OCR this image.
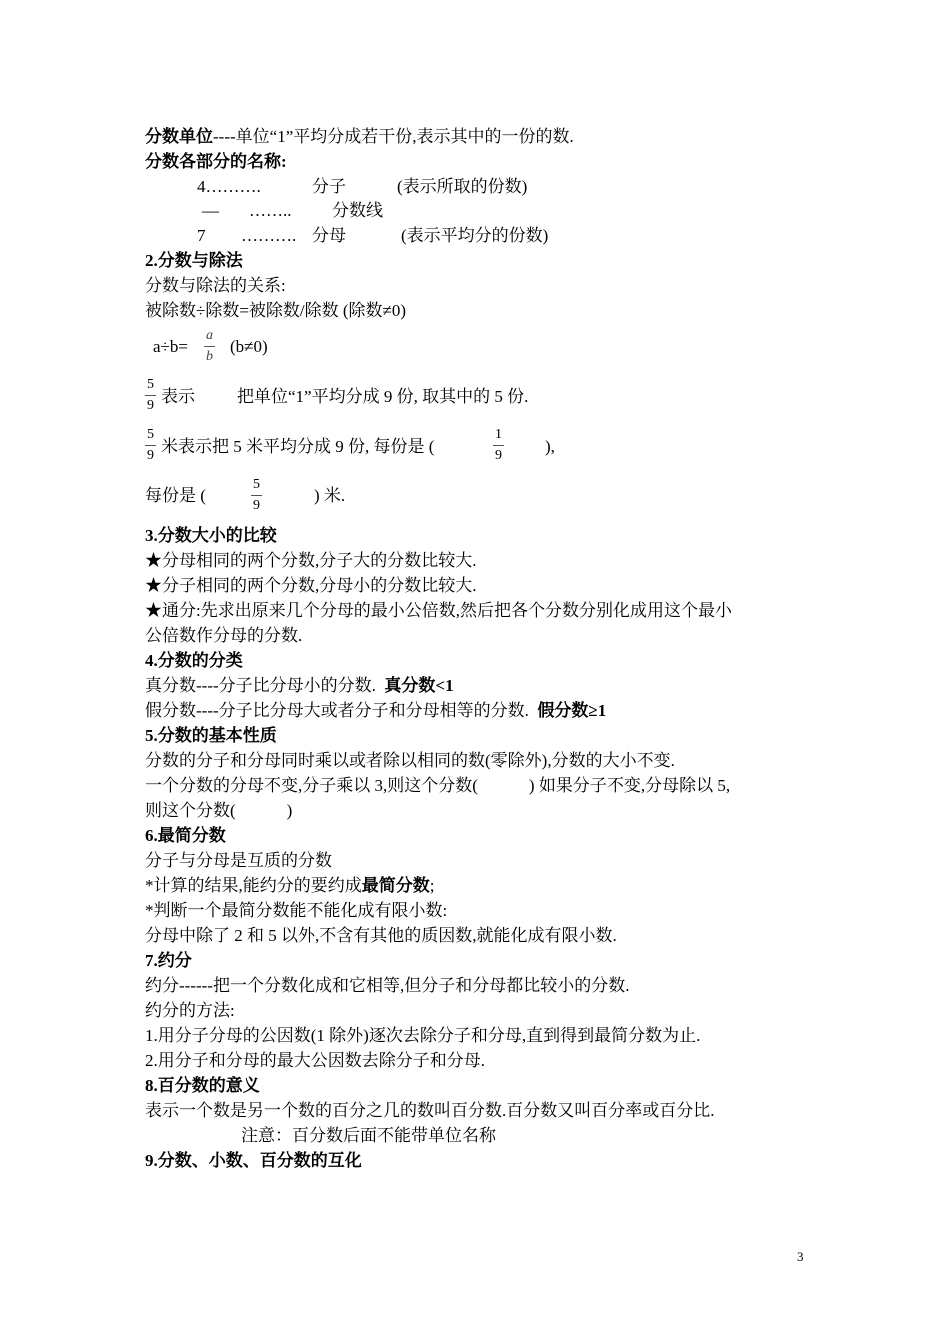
分数单位----单位“1”平均分成若干份,表示其中的一份的数.
分数各部分的名称:
4……….	分子	(表示所取的份数)
— …….. 分数线
7 ………. 分母	(表示平均分的份数)
2.分数与除法
分数与除法的关系:
被除数÷除数=被除数/除数 (除数≠0)
a÷b=
a
b
(b≠0)
5
9 表示 把单位“1”平均分成 9 份, 取其中的 5 份.
5
9 米表示把 5 米平均分成 9 份, 每份是 (
1
9	),
每份是 (
5
9
) 米.
3.分数大小的比较
★分母相同的两个分数,分子大的分数比较大.
★分子相同的两个分数,分母小的分数比较大.
★通分:先求出原来几个分母的最小公倍数,然后把各个分数分别化成用这个最小
公倍数作分母的分数.
4.分数的分类
真分数----分子比分母小的分数. 真分数<1
假分数----分子比分母大或者分子和分母相等的分数. 假分数≥1
5.分数的基本性质
分数的分子和分母同时乘以或者除以相同的数(零除外),分数的大小不变.
一个分数的分母不变,分子乘以 3,则这个分数(            ) 如果分子不变,分母除以 5,
则这个分数(            )
6.最简分数
分子与分母是互质的分数
*计算的结果,能约分的要约成最简分数;
*判断一个最简分数能不能化成有限小数:
分母中除了 2 和 5 以外,不含有其他的质因数,就能化成有限小数.
7.约分
约分------把一个分数化成和它相等,但分子和分母都比较小的分数.
约分的方法:
1.用分子分母的公因数(1 除外)逐次去除分子和分母,直到得到最简分数为止.
2.用分子和分母的最大公因数去除分子和分母.
8.百分数的意义
表示一个数是另一个数的百分之几的数叫百分数.百分数又叫百分率或百分比.
注意：百分数后面不能带单位名称
9.分数、小数、百分数的互化
3
